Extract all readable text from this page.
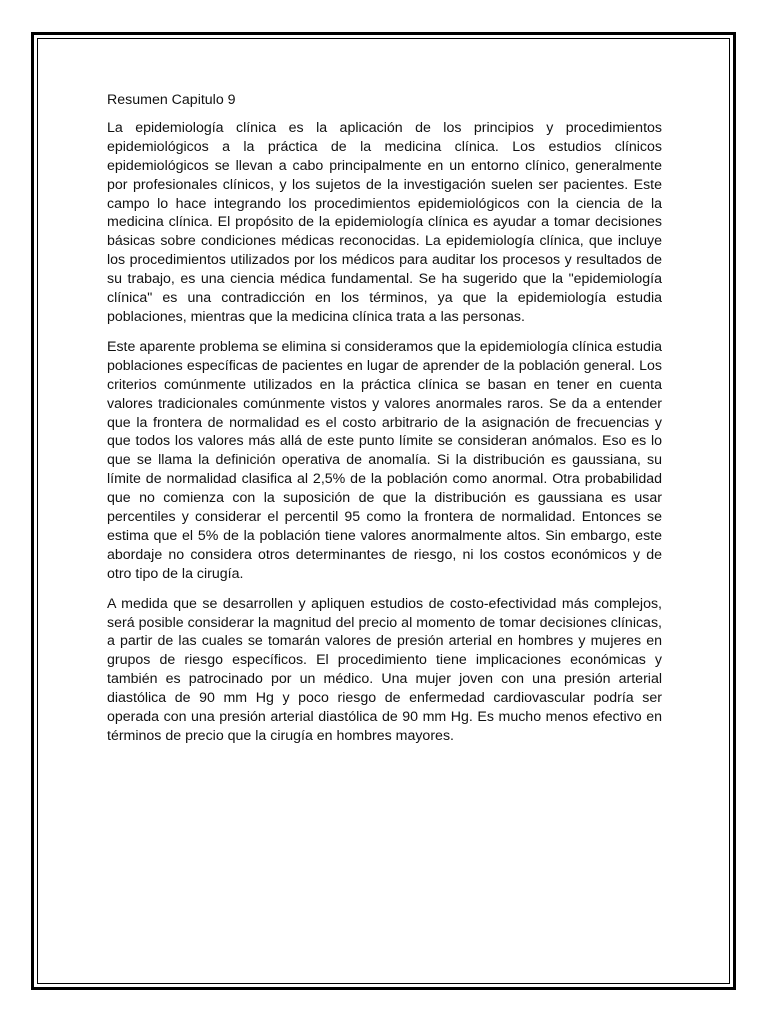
Resumen Capitulo 9

La epidemiología clínica es la aplicación de los principios y procedimientos epidemiológicos a la práctica de la medicina clínica. Los estudios clínicos epidemiológicos se llevan a cabo principalmente en un entorno clínico, generalmente por profesionales clínicos, y los sujetos de la investigación suelen ser pacientes. Este campo lo hace integrando los procedimientos epidemiológicos con la ciencia de la medicina clínica. El propósito de la epidemiología clínica es ayudar a tomar decisiones básicas sobre condiciones médicas reconocidas. La epidemiología clínica, que incluye los procedimientos utilizados por los médicos para auditar los procesos y resultados de su trabajo, es una ciencia médica fundamental. Se ha sugerido que la "epidemiología clínica" es una contradicción en los términos, ya que la epidemiología estudia poblaciones, mientras que la medicina clínica trata a las personas.

Este aparente problema se elimina si consideramos que la epidemiología clínica estudia poblaciones específicas de pacientes en lugar de aprender de la población general. Los criterios comúnmente utilizados en la práctica clínica se basan en tener en cuenta valores tradicionales comúnmente vistos y valores anormales raros. Se da a entender que la frontera de normalidad es el costo arbitrario de la asignación de frecuencias y que todos los valores más allá de este punto límite se consideran anómalos. Eso es lo que se llama la definición operativa de anomalía. Si la distribución es gaussiana, su límite de normalidad clasifica al 2,5% de la población como anormal. Otra probabilidad que no comienza con la suposición de que la distribución es gaussiana es usar percentiles y considerar el percentil 95 como la frontera de normalidad. Entonces se estima que el 5% de la población tiene valores anormalmente altos. Sin embargo, este abordaje no considera otros determinantes de riesgo, ni los costos económicos y de otro tipo de la cirugía.

A medida que se desarrollen y apliquen estudios de costo-efectividad más complejos, será posible considerar la magnitud del precio al momento de tomar decisiones clínicas, a partir de las cuales se tomarán valores de presión arterial en hombres y mujeres en grupos de riesgo específicos. El procedimiento tiene implicaciones económicas y también es patrocinado por un médico. Una mujer joven con una presión arterial diastólica de 90 mm Hg y poco riesgo de enfermedad cardiovascular podría ser operada con una presión arterial diastólica de 90 mm Hg. Es mucho menos efectivo en términos de precio que la cirugía en hombres mayores.
